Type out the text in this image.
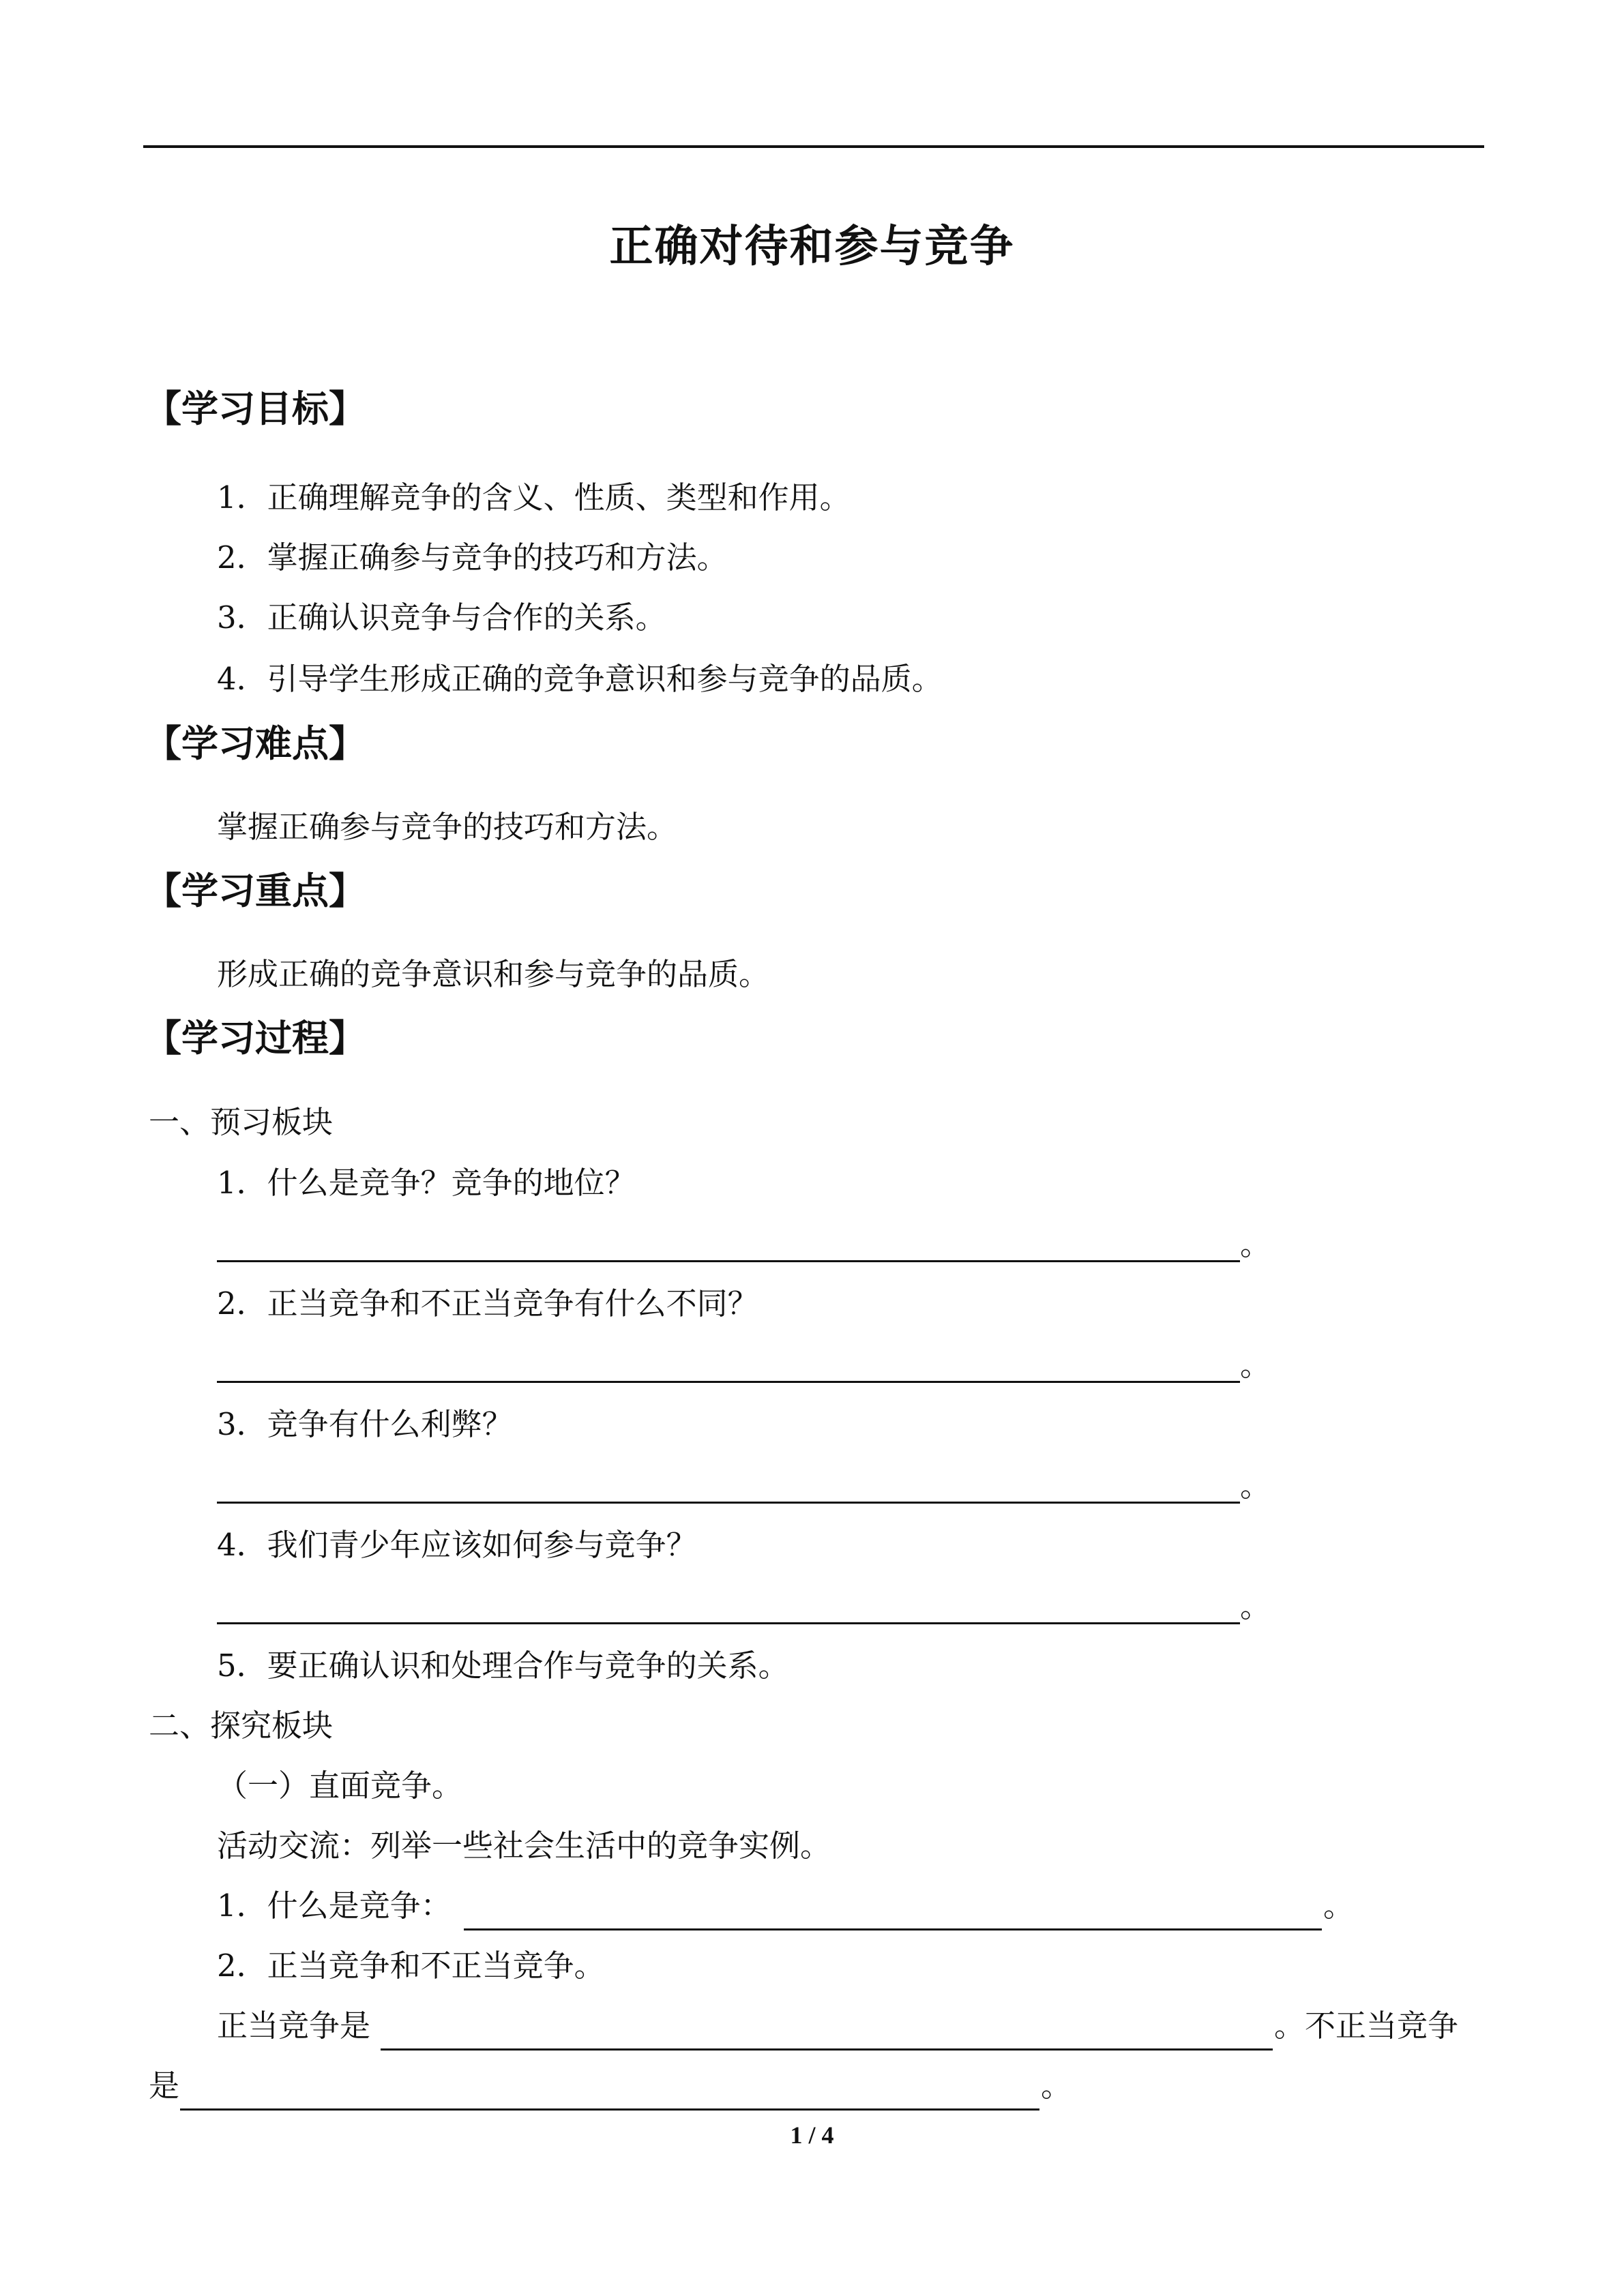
正确对待和参与竞争
【学习目标】
1．正确理解竞争的含义、性质、类型和作用。
2．掌握正确参与竞争的技巧和方法。
3．正确认识竞争与合作的关系。
4．引导学生形成正确的竞争意识和参与竞争的品质。
【学习难点】
掌握正确参与竞争的技巧和方法。
【学习重点】
形成正确的竞争意识和参与竞争的品质。
【学习过程】
一、预习板块
1．什么是竞争？竞争的地位？
。
2．正当竞争和不正当竞争有什么不同？
。
3．竞争有什么利弊？
。
4．我们青少年应该如何参与竞争？
。
5．要正确认识和处理合作与竞争的关系。
二、探究板块
（一）直面竞争。
活动交流：列举一些社会生活中的竞争实例。
1．什么是竞争：	。
2．正当竞争和不正当竞争。
正当竞争是	。不正当竞争
是	。
1 / 4
